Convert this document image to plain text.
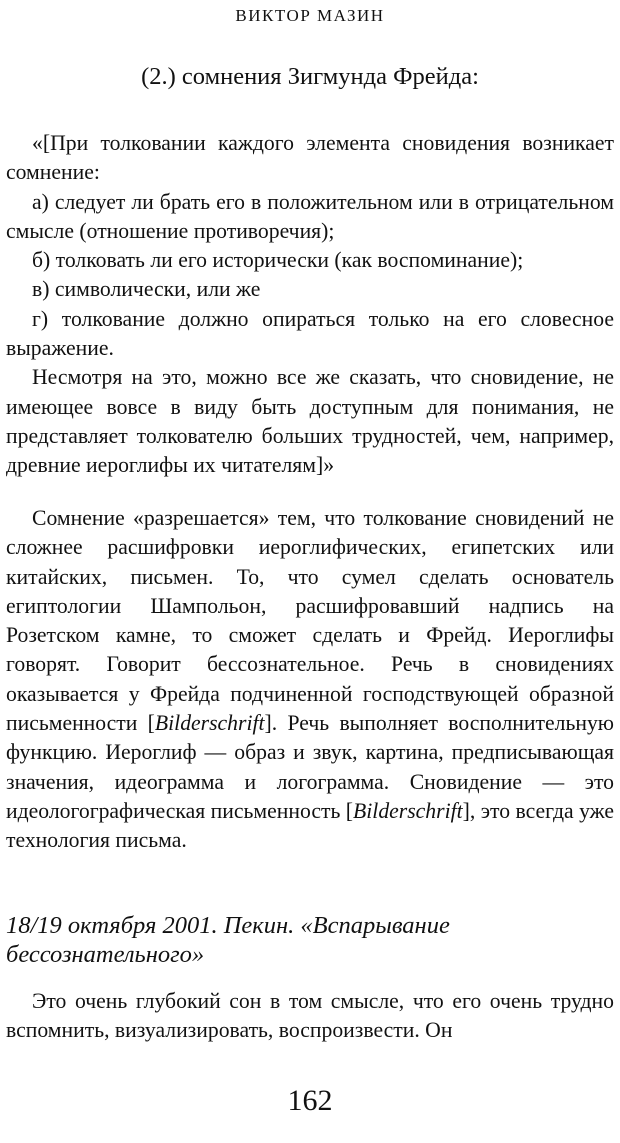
ВИКТОР МАЗИН
(2.) сомнения Зигмунда Фрейда:

«[При толковании каждого элемента сновидения возникает сомнение:

а) следует ли брать его в положительном или в отрицательном смысле (отношение противоречия);

б) толковать ли его исторически (как воспоминание);

в) символически, или же

г) толкование должно опираться только на его словесное выражение.

Несмотря на это, можно все же сказать, что сновидение, не имеющее вовсе в виду быть доступным для понимания, не представляет толкователю больших трудностей, чем, например, древние иероглифы их читателям]»

Сомнение «разрешается» тем, что толкование сновидений не сложнее расшифровки иероглифических, египетских или китайских, письмен. То, что сумел сделать основатель египтологии Шампольон, расшифровавший надпись на Розетском камне, то сможет сделать и Фрейд. Иероглифы говорят. Говорит бессознательное. Речь в сновидениях оказывается у Фрейда подчиненной господствующей образной письменности [Bilderschrift]. Речь выполняет восполнительную функцию. Иероглиф — образ и звук, картина, предписывающая значения, идеограмма и логограмма. Сновидение — это идеологографическая письменность [Bilderschrift], это всегда уже технология письма.

18/19 октября 2001. Пекин. «Вспарывание бессознательного»

Это очень глубокий сон в том смысле, что его очень трудно вспомнить, визуализировать, воспроизвести. Он

162
